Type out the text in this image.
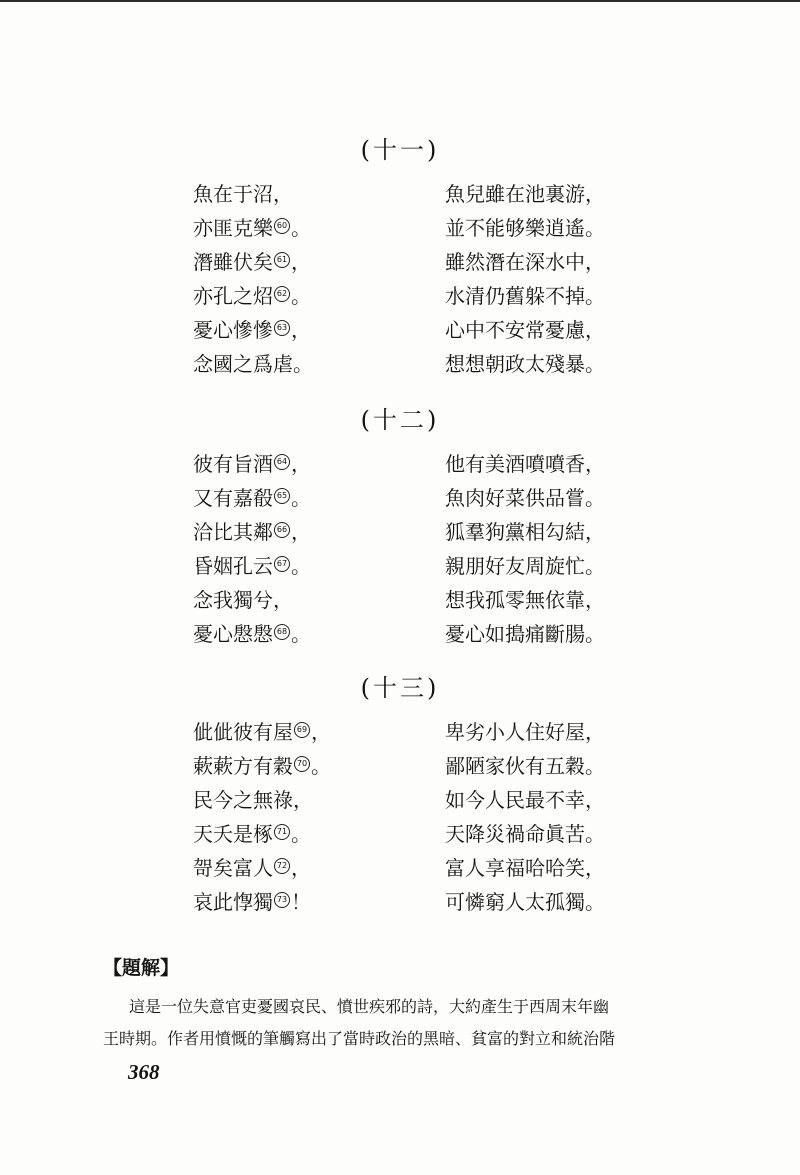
(十一)
魚在于沼，	魚兒雖在池裏游，
亦匪克樂 60 。	並不能够樂逍遙。
潛雖伏矣 61 ，	雖然潛在深水中，
亦孔之炤 62 。	水清仍舊躲不掉。
憂心慘慘 63 ，	心中不安常憂慮，
念國之爲虐。	想想朝政太殘暴。
(十二)
彼有旨酒 64 ，	他有美酒噴噴香，
又有嘉殽 65 。	魚肉好菜供品嘗。
洽比其鄰 66 ，	狐羣狗黨相勾結，
昏姻孔云 67 。	親朋好友周旋忙。
念我獨兮，	想我孤零無依靠，
憂心慇慇 68 。	憂心如搗痛斷腸。
(十三)
佌佌彼有屋 69 ，	卑劣小人住好屋，
蔌蔌方有穀 70 。	鄙陋家伙有五穀。
民今之無祿，	如今人民最不幸，
天夭是椓 71 。	天降災禍命眞苦。
哿矣富人 72 ，	富人享福哈哈笑，
哀此惸獨 73 ！	可憐窮人太孤獨。
【題解】
這是一位失意官吏憂國哀民、憤世疾邪的詩，大約產生于西周末年幽
王時期。作者用憤慨的筆觸寫出了當時政治的黑暗、貧富的對立和統治階
368
